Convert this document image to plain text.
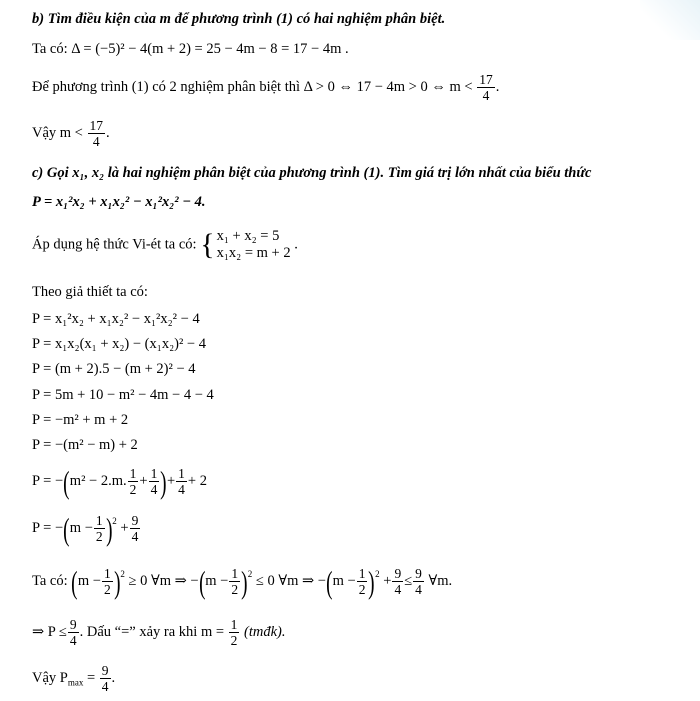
b) Tìm điều kiện của m để phương trình (1) có hai nghiệm phân biệt.
Ta có: Δ = (−5)² − 4(m + 2) = 25 − 4m − 8 = 17 − 4m .
Để phương trình (1) có 2 nghiệm phân biệt thì Δ > 0 ⇔ 17 − 4m > 0 ⇔ $m < \frac{17}{4}$ .
Vậy $m < \frac{17}{4}$ .
c) Gọi x₁, x₂ là hai nghiệm phân biệt của phương trình (1). Tìm giá trị lớn nhất của biểu thức
P = x₁²x₂ + x₁x₂² − x₁²x₂² − 4.
Áp dụng hệ thức Vi-ét ta có: { x₁ + x₂ = 5
x₁x₂ = m + 2 .
Theo giả thiết ta có:
P = x₁²x₂ + x₁x₂² − x₁²x₂² − 4
P = x₁x₂(x₁ + x₂) − (x₁x₂)² − 4
P = (m + 2).5 − (m + 2)² − 4
P = 5m + 10 − m² − 4m − 4 − 4
P = −m² + m + 2
P = −(m² − m) + 2
P = −(m² − 2.m. $\frac{1}{2} + \frac{1}{4}$ )+ $\frac{1}{4} + 2$
$P = -(m - \frac{1}{2} )^2 + \frac{9}{4}$
Ta có: $(m - \frac{1}{2} )^2 \ge 0$ ∀m ⇒ $-(m - \frac{1}{2} )^2 \le 0$ ∀m ⇒ $-(m - \frac{1}{2} )^2 + \frac{9}{4} \le \frac{9}{4}$ ∀m.
⇒ $P \le \frac{9}{4}$ . Dấu “=” xảy ra khi $m = \frac{1}{2}$ (tmđk).
Vậy $P_{max} = \frac{9}{4}$ .
